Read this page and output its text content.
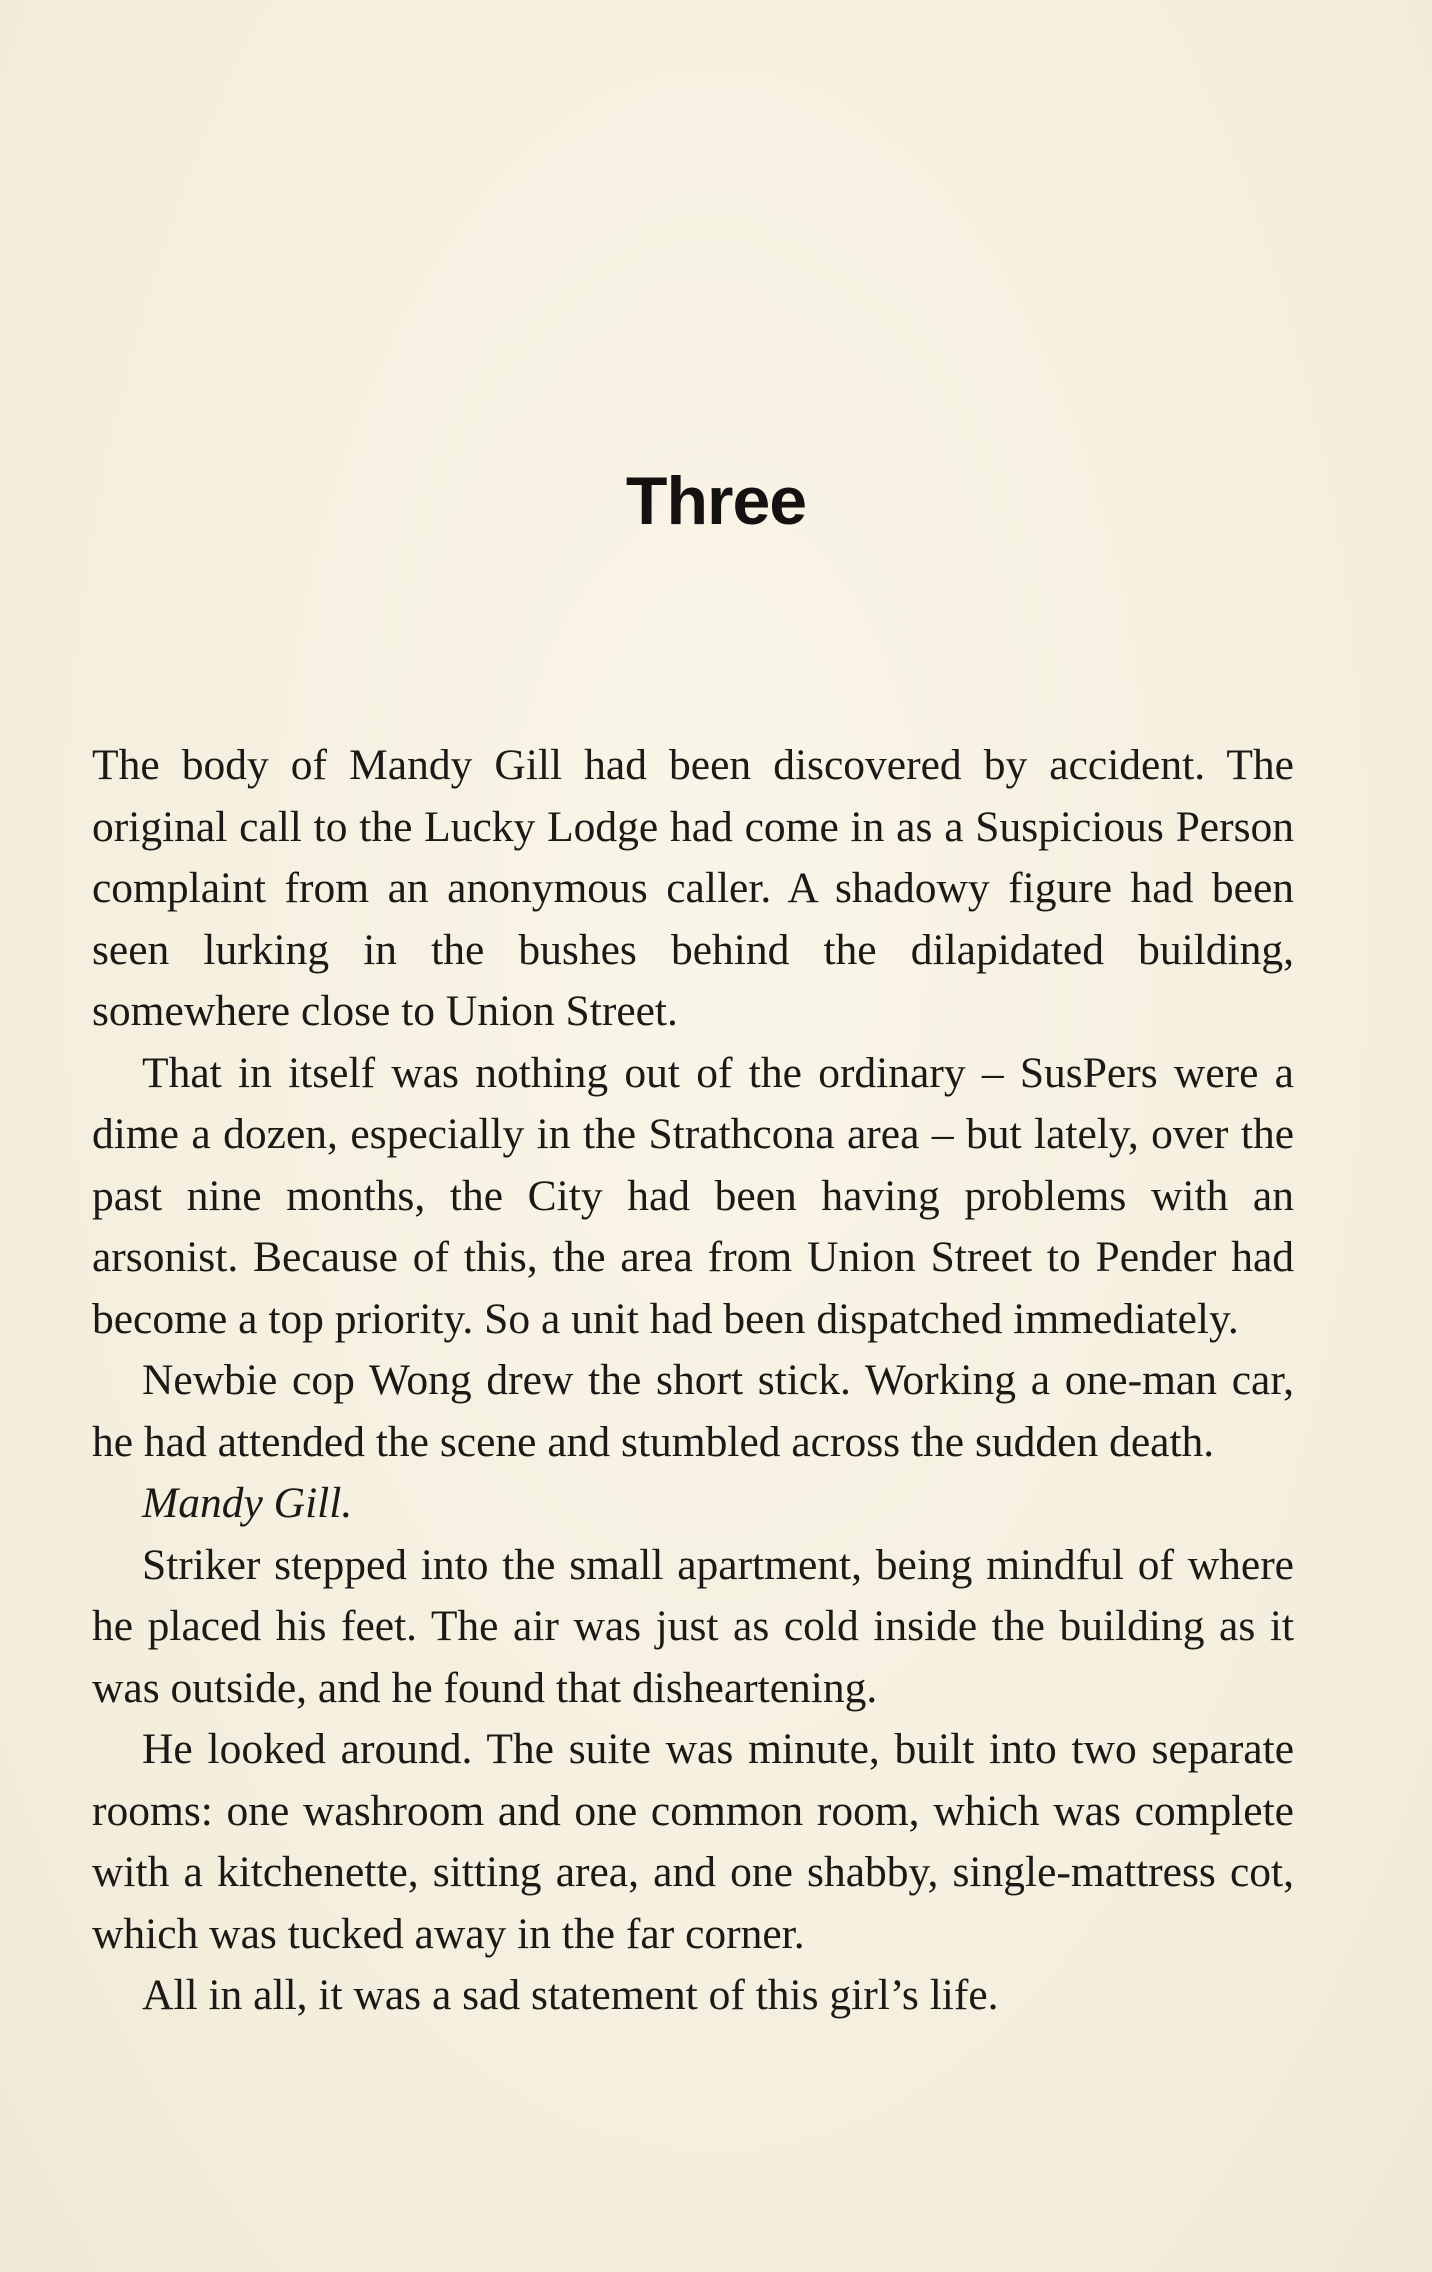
Three

The body of Mandy Gill had been discovered by accident. The original call to the Lucky Lodge had come in as a Suspicious Person complaint from an anonymous caller. A shadowy figure had been seen lurking in the bushes behind the dilapidated building, somewhere close to Union Street.

That in itself was nothing out of the ordinary – SusPers were a dime a dozen, especially in the Strathcona area – but lately, over the past nine months, the City had been having problems with an arsonist. Because of this, the area from Union Street to Pender had become a top priority. So a unit had been dispatched immediately.

Newbie cop Wong drew the short stick. Working a one-man car, he had attended the scene and stumbled across the sudden death.

Mandy Gill.

Striker stepped into the small apartment, being mindful of where he placed his feet. The air was just as cold inside the building as it was outside, and he found that disheartening.

He looked around. The suite was minute, built into two separate rooms: one washroom and one common room, which was complete with a kitchenette, sitting area, and one shabby, single-mattress cot, which was tucked away in the far corner.

All in all, it was a sad statement of this girl’s life.
